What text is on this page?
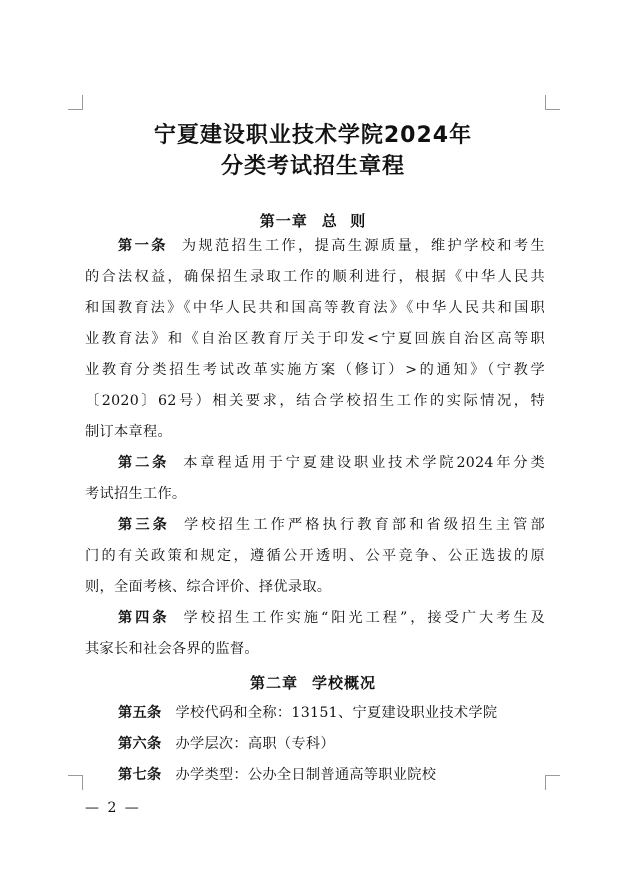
宁夏建设职业技术学院2024年
分类考试招生章程
第一章 总  则
第一条 为规范招生工作，提高生源质量，维护学校和考生
的合法权益，确保招生录取工作的顺利进行，根据《中华人民共
和国教育法》《中华人民共和国高等教育法》《中华人民共和国职
业教育法》和《自治区教育厅关于印发<宁夏回族自治区高等职
业教育分类招生考试改革实施方案（修订）>的通知》（宁教学
〔2020〕62号）相关要求，结合学校招生工作的实际情况，特
制订本章程。
第二条 本章程适用于宁夏建设职业技术学院2024年分类
考试招生工作。
第三条 学校招生工作严格执行教育部和省级招生主管部
门的有关政策和规定，遵循公开透明、公平竞争、公正选拔的原
则，全面考核、综合评价、择优录取。
第四条 学校招生工作实施“阳光工程”，接受广大考生及
其家长和社会各界的监督。
第二章 学校概况
第五条 学校代码和全称：13151、宁夏建设职业技术学院
第六条 办学层次：高职（专科）
第七条 办学类型：公办全日制普通高等职业院校
— 2 —
